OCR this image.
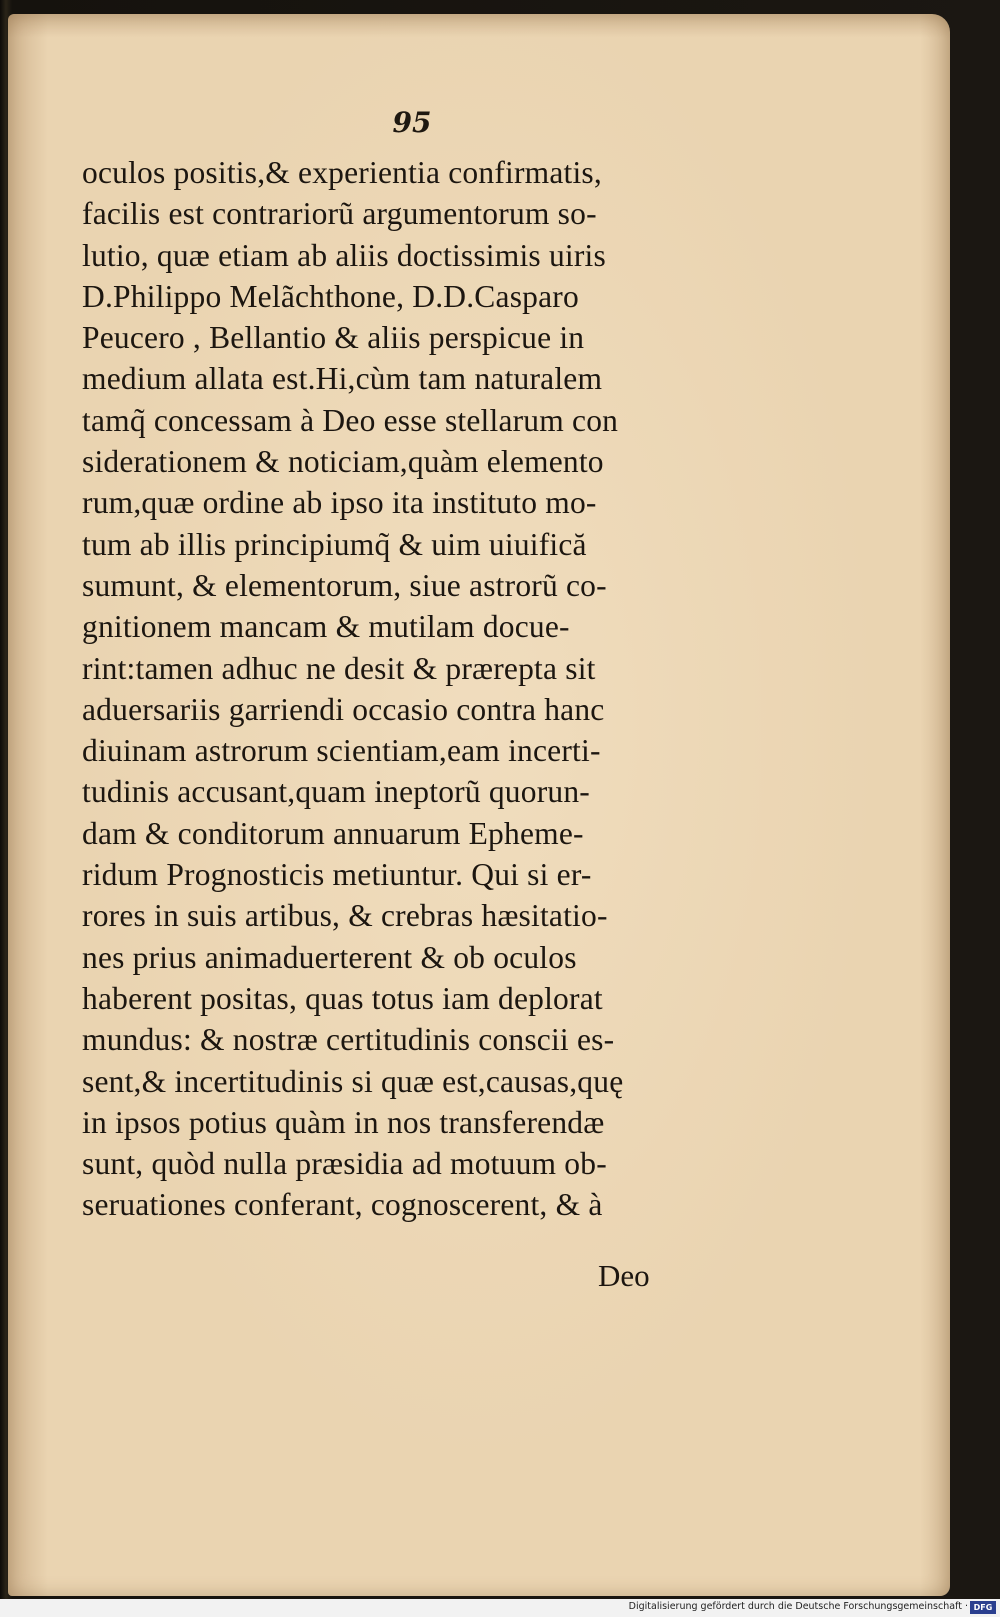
95
oculos positis,& experientia confirmatis,
facilis est contrariorũ argumentorum so-
lutio, quæ etiam ab aliis doctissimis uiris
D.Philippo Melãchthone, D.D.Casparo
Peucero , Bellantio & aliis perspicue in
medium allata est.Hi,cùm tam naturalem
tamq̃ concessam à Deo esse stellarum con
siderationem & noticiam,quàm elemento
rum,quæ ordine ab ipso ita instituto mo-
tum ab illis principiumq̃ & uim uiuifică
sumunt, & elementorum, siue astrorũ co-
gnitionem mancam & mutilam docue-
rint:tamen adhuc ne desit & prærepta sit
aduersariis garriendi occasio contra hanc
diuinam astrorum scientiam,eam incerti-
tudinis accusant,quam ineptorũ quorun-
dam & conditorum annuarum Epheme-
ridum Prognosticis metiuntur. Qui si er-
rores in suis artibus, & crebras hæsitatio-
nes prius animaduerterent & ob oculos
haberent positas, quas totus iam deplorat
mundus: & nostræ certitudinis conscii es-
sent,& incertitudinis si quæ est,causas,quę
in ipsos potius quàm in nos transferendæ
sunt, quòd nulla præsidia ad motuum ob-
seruationes conferant, cognoscerent, & à
Deo
Digitalisierung gefördert durch die Deutsche Forschungsgemeinschaft · DFG
